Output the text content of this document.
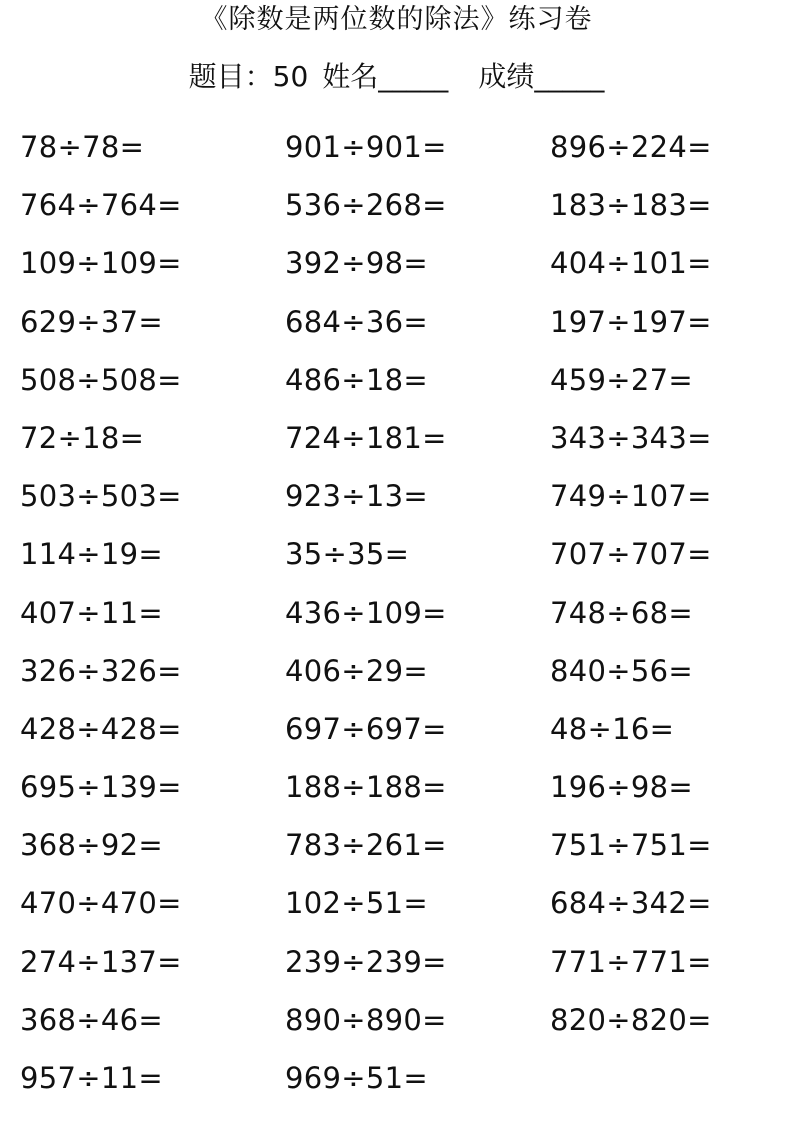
《除数是两位数的除法》练习卷
题目：50 姓名_____ 成绩_____
78÷78=
764÷764=
109÷109=
629÷37=
508÷508=
72÷18=
503÷503=
114÷19=
407÷11=
326÷326=
428÷428=
695÷139=
368÷92=
470÷470=
274÷137=
368÷46=
957÷11=
901÷901=
536÷268=
392÷98=
684÷36=
486÷18=
724÷181=
923÷13=
35÷35=
436÷109=
406÷29=
697÷697=
188÷188=
783÷261=
102÷51=
239÷239=
890÷890=
969÷51=
896÷224=
183÷183=
404÷101=
197÷197=
459÷27=
343÷343=
749÷107=
707÷707=
748÷68=
840÷56=
48÷16=
196÷98=
751÷751=
684÷342=
771÷771=
820÷820=
